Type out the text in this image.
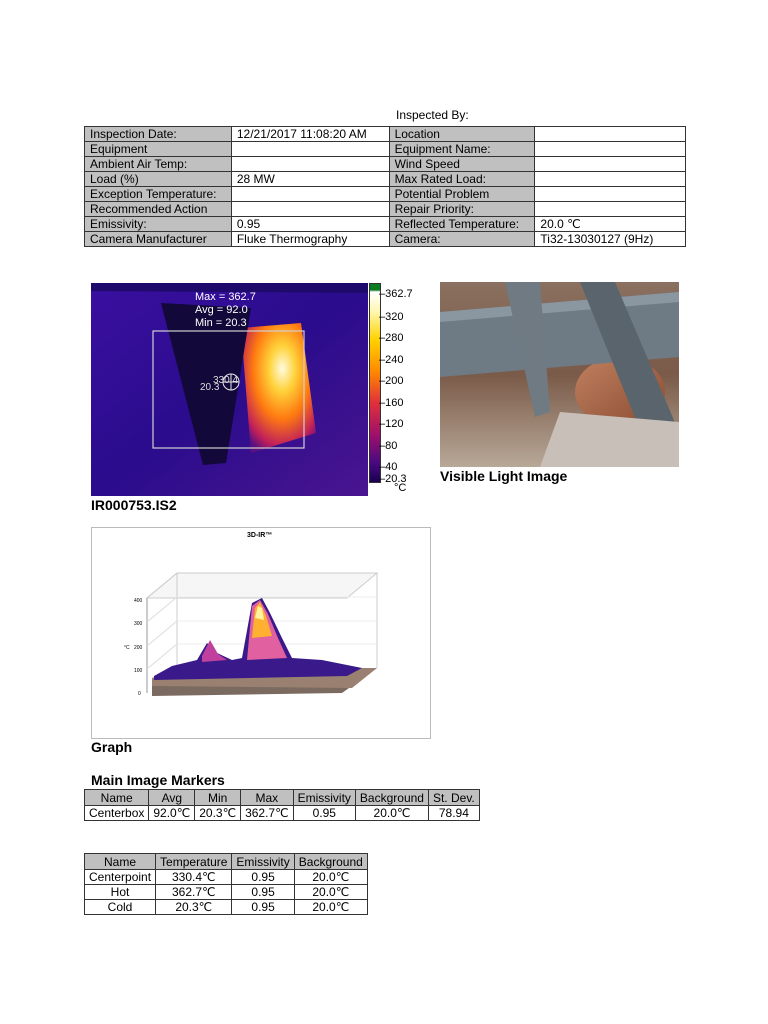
Inspected By:
Inspection Date:	12/21/2017 11:08:20 AM	Location	
Equipment		Equipment Name:	
Ambient Air Temp:		Wind Speed	
Load (%)	28 MW	Max Rated Load:	
Exception Temperature:		Potential Problem	
Recommended Action		Repair Priority:	
Emissivity:	0.95	Reflected Temperature:	20.0 ℃
Camera Manufacturer	Fluke Thermography	Camera:	Ti32-13030127 (9Hz)
Max = 362.7
Avg = 92.0
Min = 20.3
330.4
20.3
–362.7
–320
–280
–240
–200
–160
–120
–80
–40
–20.3
°C
Visible Light Image
IR000753.IS2
3D-IR™
400
300
200
100
0
°C
Graph
Main Image Markers
Name	Avg	Min	Max	Emissivity	Background	St. Dev.
Centerbox	92.0℃	20.3℃	362.7℃	0.95	20.0℃	78.94
Name	Temperature	Emissivity	Background
Centerpoint	330.4℃	0.95	20.0℃
Hot	362.7℃	0.95	20.0℃
Cold	20.3℃	0.95	20.0℃
